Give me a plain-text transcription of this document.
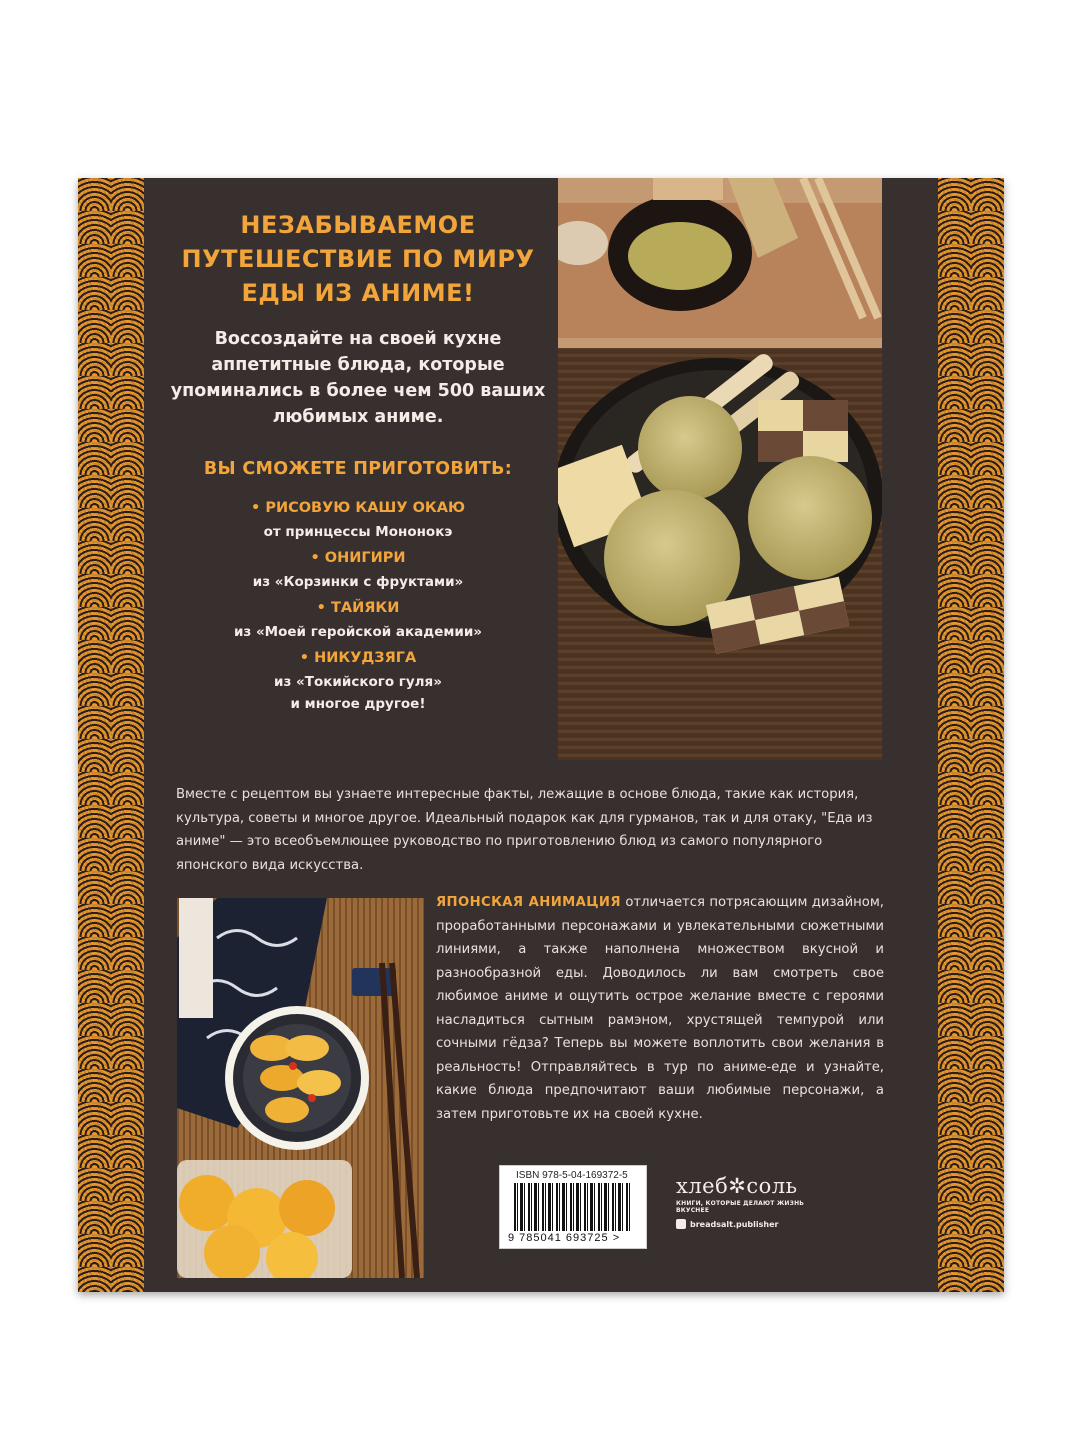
НЕЗАБЫВАЕМОЕ ПУТЕШЕСТВИЕ ПО МИРУ ЕДЫ ИЗ АНИМЕ!

Воссоздайте на своей кухне аппетитные блюда, которые упоминались в более чем 500 ваших любимых аниме.

ВЫ СМОЖЕТЕ ПРИГОТОВИТЬ:
• РИСОВУЮ КАШУ ОКАЮ
от принцессы Мононокэ
• ОНИГИРИ
из «Корзинки с фруктами»
• ТАЙЯКИ
из «Моей геройской академии»
• НИКУДЗЯГА
из «Токийского гуля»

и многое другое!

Вместе с рецептом вы узнаете интересные факты, лежащие в основе блюда, такие как история, культура, советы и многое другое. Идеальный подарок как для гурманов, так и для отаку, "Еда из аниме" — это всеобъемлющее руководство по приготовлению блюд из самого популярного японского вида искусства.

ЯПОНСКАЯ АНИМАЦИЯ отличается потрясающим дизайном, проработанными персонажами и увлекательными сюжетными линиями, а также наполнена множеством вкусной и разнообразной еды. Доводилось ли вам смотреть свое любимое аниме и ощутить острое желание вместе с героями насладиться сытным рамэном, хрустящей темпурой или сочными гёдза? Теперь вы можете воплотить свои желания в реальность! Отправляйтесь в тур по аниме-еде и узнайте, какие блюда предпочитают ваши любимые персонажи, а затем приготовьте их на своей кухне.

ISBN 978-5-04-169372-5
9 785041 693725 >
хлеб✲соль
КНИГИ, КОТОРЫЕ ДЕЛАЮТ ЖИЗНЬ ВКУСНЕЕ
breadsalt.publisher
